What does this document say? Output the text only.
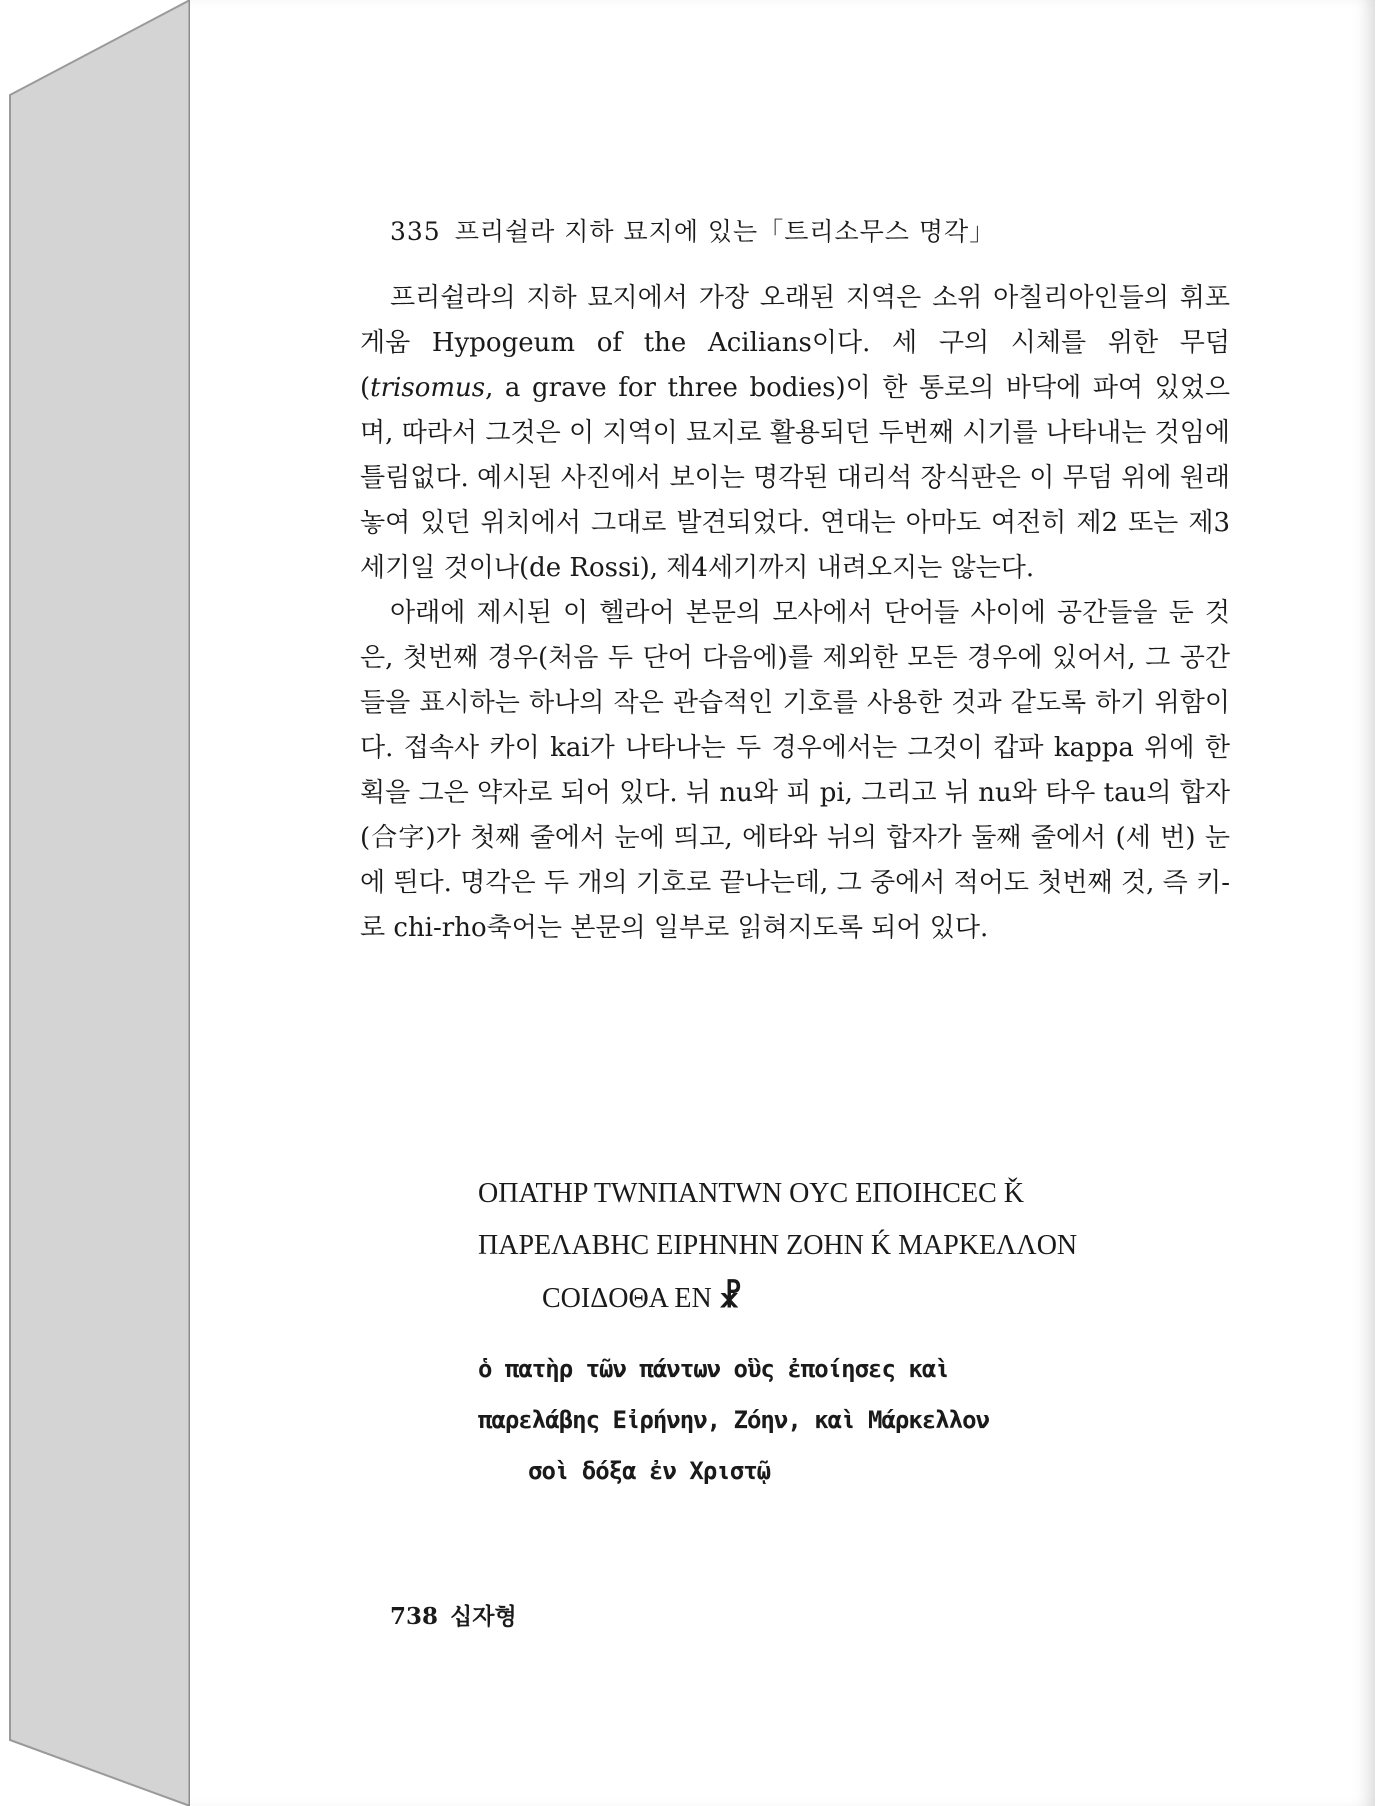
335 프리쉴라 지하 묘지에 있는「트리소무스 명각」

프리쉴라의 지하 묘지에서 가장 오래된 지역은 소위 아칠리아인들의 휘포게움 Hypogeum of the Acilians이다. 세 구의 시체를 위한 무덤(trisomus, a grave for three bodies)이 한 통로의 바닥에 파여 있었으며, 따라서 그것은 이 지역이 묘지로 활용되던 두번째 시기를 나타내는 것임에 틀림없다. 예시된 사진에서 보이는 명각된 대리석 장식판은 이 무덤 위에 원래 놓여 있던 위치에서 그대로 발견되었다. 연대는 아마도 여전히 제2 또는 제3세기일 것이나(de Rossi), 제4세기까지 내려오지는 않는다.

아래에 제시된 이 헬라어 본문의 모사에서 단어들 사이에 공간들을 둔 것은, 첫번째 경우(처음 두 단어 다음에)를 제외한 모든 경우에 있어서, 그 공간들을 표시하는 하나의 작은 관습적인 기호를 사용한 것과 같도록 하기 위함이다. 접속사 카이 kai가 나타나는 두 경우에서는 그것이 캅파 kappa 위에 한 획을 그은 약자로 되어 있다. 뉘 nu와 피 pi, 그리고 뉘 nu와 타우 tau의 합자(合字)가 첫째 줄에서 눈에 띄고, 에타와 뉘의 합자가 둘째 줄에서 (세 번) 눈에 띈다. 명각은 두 개의 기호로 끝나는데, 그 중에서 적어도 첫번째 것, 즉 키-로 chi-rho축어는 본문의 일부로 읽혀지도록 되어 있다.

OΠATHP TWNΠANTWN OYC EΠOIHCEC Ǩ
ΠAPEΛABHC EIPHNHN ZOHN Ḱ MAPKEΛΛON
COIΔOΘA EN ☧
ὁ πατὴρ τῶν πάντων οὓς ἐποίησες καὶ
παρελάβης Εἰρήνην, Ζόην, καὶ Μάρκελλον
σοὶ δόξα ἐν Χριστῷ
738 십자형
